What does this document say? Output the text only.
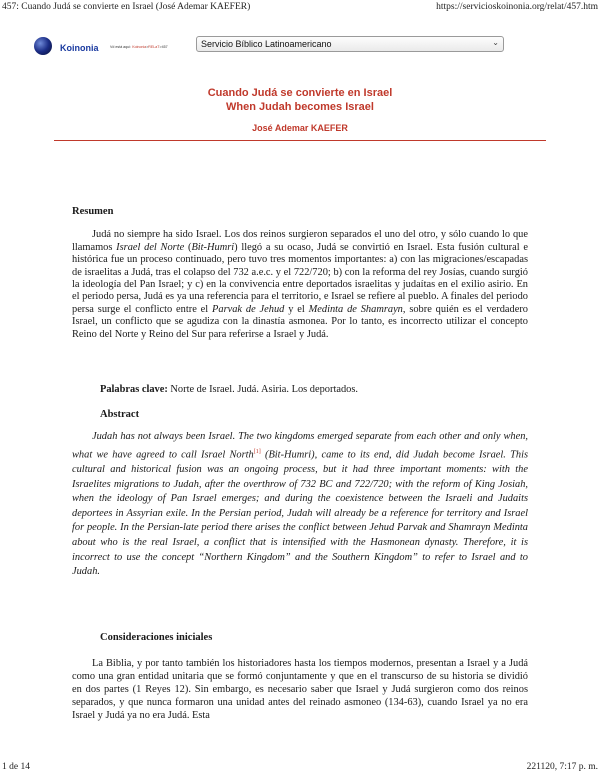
457: Cuando Judá se convierte en Israel (José Ademar KAEFER)	https://servicioskoinonia.org/relat/457.htm
Koinonia	Vd está aquí: Koinonia>RELaT>457	Servicio Bíblico Latinoamericano	⌄
Cuando Judá se convierte en Israel
When Judah becomes Israel
José Ademar KAEFER
Resumen

Judá no siempre ha sido Israel. Los dos reinos surgieron separados el uno del otro, y sólo cuando lo que llamamos Israel del Norte (Bit-Humri) llegó a su ocaso, Judá se convirtió en Israel. Esta fusión cultural e histórica fue un proceso continuado, pero tuvo tres momentos importantes: a) con las migraciones/escapadas de israelitas a Judá, tras el colapso del 732 a.e.c. y el 722/720; b) con la reforma del rey Josías, cuando surgió la ideología del Pan Israel; y c) en la convivencia entre deportados israelitas y judaítas en el exilio asirio. En el periodo persa, Judá es ya una referencia para el territorio, e Israel se refiere al pueblo. A finales del periodo persa surge el conflicto entre el Parvak de Jehud y el Medinta de Shamrayn, sobre quién es el verdadero Israel, un conflicto que se agudiza con la dinastía asmonea. Por lo tanto, es incorrecto utilizar el concepto Reino del Norte y Reino del Sur para referirse a Israel y Judá.

Palabras clave: Norte de Israel. Judá. Asiria. Los deportados.

Abstract

Judah has not always been Israel. The two kingdoms emerged separate from each other and only when, what we have agreed to call Israel North[1] (Bit-Humri), came to its end, did Judah become Israel. This cultural and historical fusion was an ongoing process, but it had three important moments: with the Israelites migrations to Judah, after the overthrow of 732 BC and 722/720; with the reform of King Josiah, when the ideology of Pan Israel emerges; and during the coexistence between the Israeli and Judaits deportees in Assyrian exile. In the Persian period, Judah will already be a reference for territory and Israel for people. In the Persian-late period there arises the conflict between Jehud Parvak and Shamrayn Medinta about who is the real Israel, a conflict that is intensified with the Hasmonean dynasty. Therefore, it is incorrect to use the concept “Northern Kingdom” and the Southern Kingdom” to refer to Israel and to Judah.

Consideraciones iniciales

La Biblia, y por tanto también los historiadores hasta los tiempos modernos, presentan a Israel y a Judá como una gran entidad unitaria que se formó conjuntamente y que en el transcurso de su historia se dividió en dos partes (1 Reyes 12). Sin embargo, es necesario saber que Israel y Judá surgieron como dos reinos separados, y que nunca formaron una unidad antes del reinado asmoneo (134-63), cuando Israel ya no era Israel y Judá ya no era Judá. Esta

1 de 14	221120, 7:17 p. m.
